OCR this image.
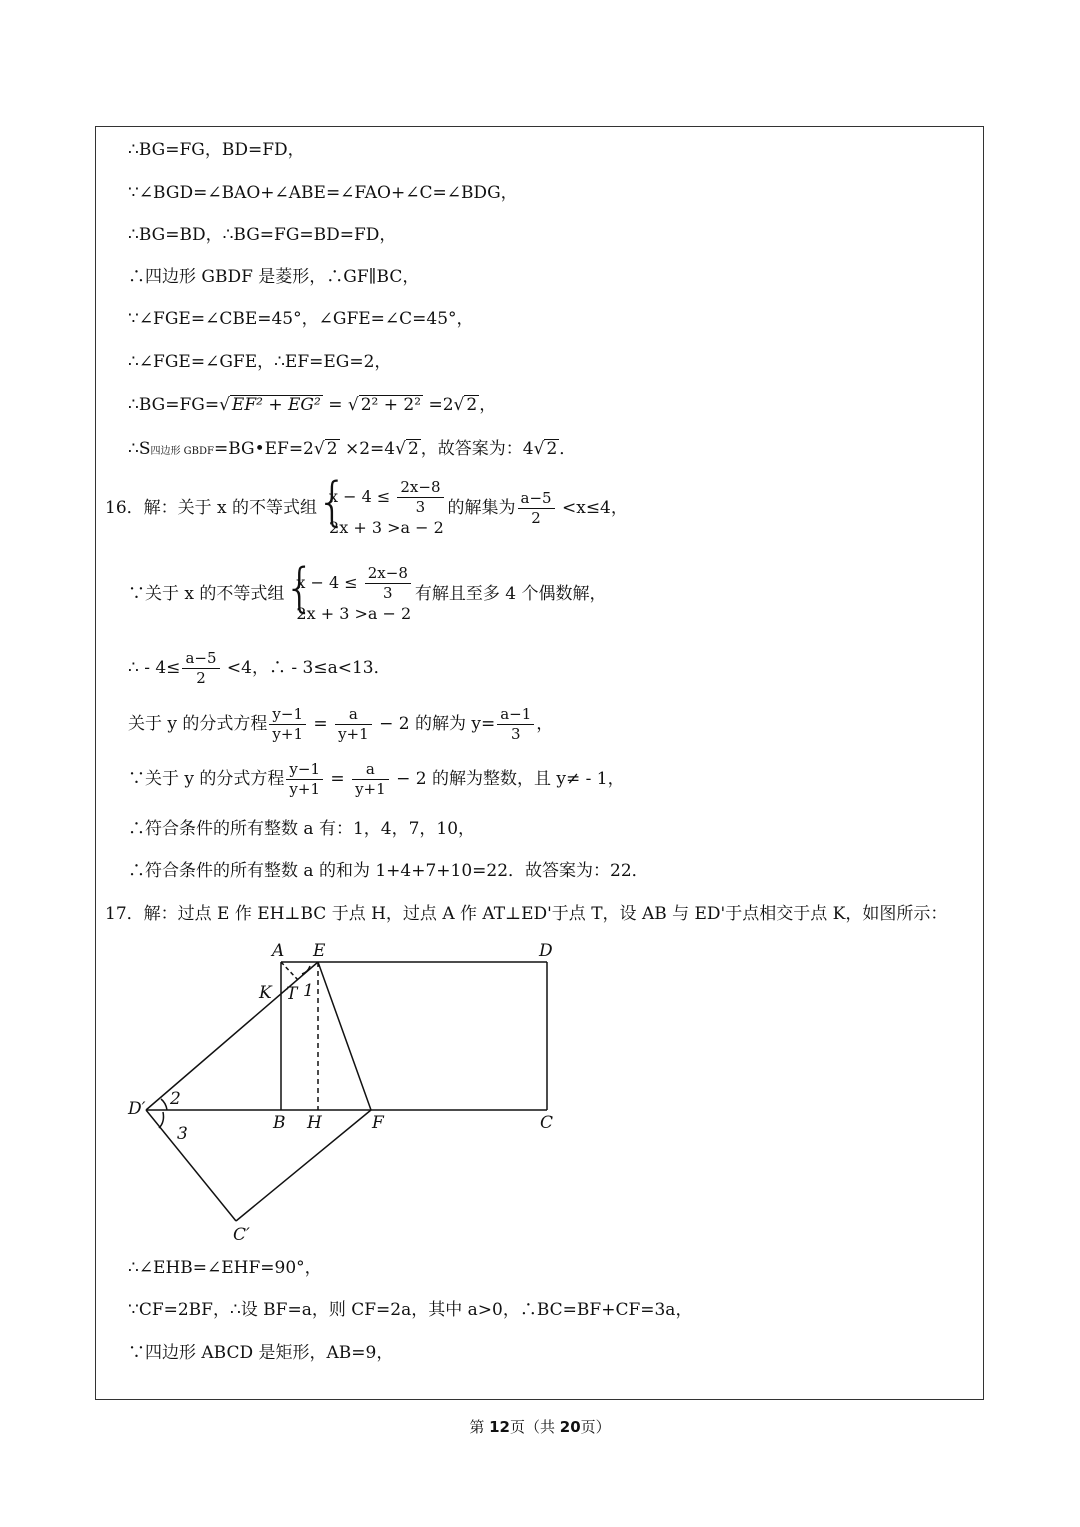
∴BG=FG，BD=FD，
∵∠BGD=∠BAO+∠ABE=∠FAO+∠C=∠BDG，
∴BG=BD，∴BG=FG=BD=FD，
∴四边形 GBDF 是菱形，∴GF∥BC，
∵∠FGE=∠CBE=45°，∠GFE=∠C=45°，
∴∠FGE=∠GFE，∴EF=EG=2，
∴BG=FG=√ EF² + EG² = √ 2² + 2² =2√ 2 ，
∴S四边形 GBDF=BG•EF=2√ 2 ×2=4√ 2 ，故答案为：4√ 2 ．
16．解：关于 x 的不等式组 {
$x - 4 \le \frac{2x-8}{3}$
2x + 3 >a − 2
的解集为 $\frac{a-5}{2} <x\le 4$，
∵关于 x 的不等式组 {
$x - 4 \le \frac{2x-8}{3}$
2x + 3 >a − 2
有解且至多 4 个偶数解，
∴ - $4\le \frac{a-5}{2} <4$，∴ - 3≤a<13．
关于 y 的分式方程 $\frac{y-1}{y+1} = \frac{a}{y+1} - 2$ 的解为 $y= \frac{a-1}{3}$ ，
∵关于 y 的分式方程 $\frac{y-1}{y+1} = \frac{a}{y+1} - 2$ 的解为整数，且 y≠ - 1，
∴符合条件的所有整数 a 有：1，4，7，10，
∴符合条件的所有整数 a 的和为 1+4+7+10=22．故答案为：22．
17．解：过点 E 作 EH⊥BC 于点 H，过点 A 作 AT⊥ED'于点 T，设 AB 与 ED'于点相交于点 K，如图所示：
A E	D
K T 1
D′ 2
3
B H	F	C
C′
∴∠EHB=∠EHF=90°，
∵CF=2BF，∴设 BF=a，则 CF=2a，其中 a>0，∴BC=BF+CF=3a，
∵四边形 ABCD 是矩形，AB=9，
第 12页（共 20页）
